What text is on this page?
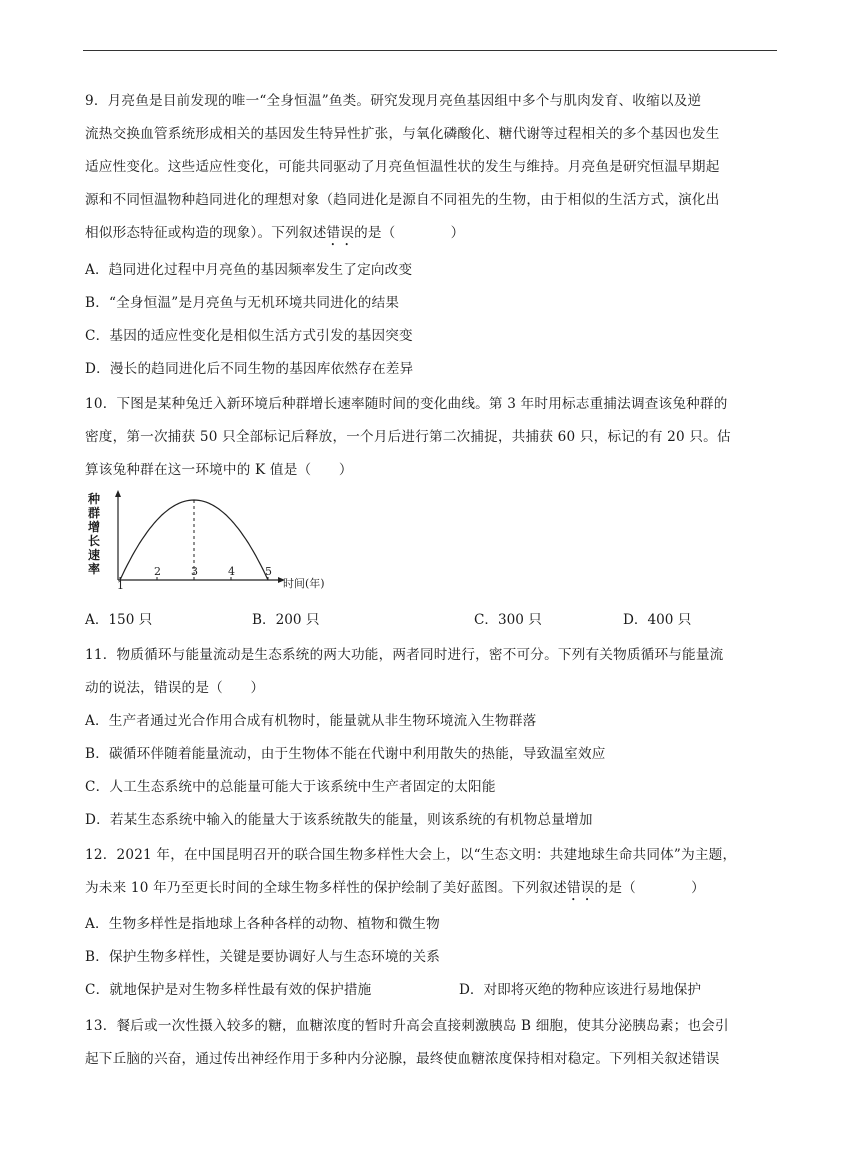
9．月亮鱼是目前发现的唯一“全身恒温”鱼类。研究发现月亮鱼基因组中多个与肌肉发育、收缩以及逆
流热交换血管系统形成相关的基因发生特异性扩张，与氧化磷酸化、糖代谢等过程相关的多个基因也发生
适应性变化。这些适应性变化，可能共同驱动了月亮鱼恒温性状的发生与维持。月亮鱼是研究恒温早期起
源和不同恒温物种趋同进化的理想对象（趋同进化是源自不同祖先的生物，由于相似的生活方式，演化出
相似形态特征或构造的现象）。下列叙述错误的是（　　　　）
A．趋同进化过程中月亮鱼的基因频率发生了定向改变
B．“全身恒温”是月亮鱼与无机环境共同进化的结果
C．基因的适应性变化是相似生活方式引发的基因突变
D．漫长的趋同进化后不同生物的基因库依然存在差异
10．下图是某种兔迁入新环境后种群增长速率随时间的变化曲线。第 3 年时用标志重捕法调查该兔种群的
密度，第一次捕获 50 只全部标记后释放，一个月后进行第二次捕捉，共捕获 60 只，标记的有 20 只。估
算该兔种群在这一环境中的 K 值是（　　）
种
群
增
长
速
率
1
2	3	4	5
时间(年)
A．150 只	B．200 只	C．300 只	D．400 只
11．物质循环与能量流动是生态系统的两大功能，两者同时进行，密不可分。下列有关物质循环与能量流
动的说法，错误的是（　　）
A．生产者通过光合作用合成有机物时，能量就从非生物环境流入生物群落
B．碳循环伴随着能量流动，由于生物体不能在代谢中利用散失的热能，导致温室效应
C．人工生态系统中的总能量可能大于该系统中生产者固定的太阳能
D．若某生态系统中输入的能量大于该系统散失的能量，则该系统的有机物总量增加
12．2021 年，在中国昆明召开的联合国生物多样性大会上，以“生态文明：共建地球生命共同体”为主题，
为未来 10 年乃至更长时间的全球生物多样性的保护绘制了美好蓝图。下列叙述错误的是（　　　　）
A．生物多样性是指地球上各种各样的动物、植物和微生物
B．保护生物多样性，关键是要协调好人与生态环境的关系
C．就地保护是对生物多样性最有效的保护措施	D．对即将灭绝的物种应该进行易地保护
13．餐后或一次性摄入较多的糖，血糖浓度的暂时升高会直接刺激胰岛 B 细胞，使其分泌胰岛素；也会引
起下丘脑的兴奋，通过传出神经作用于多种内分泌腺，最终使血糖浓度保持相对稳定。下列相关叙述错误
